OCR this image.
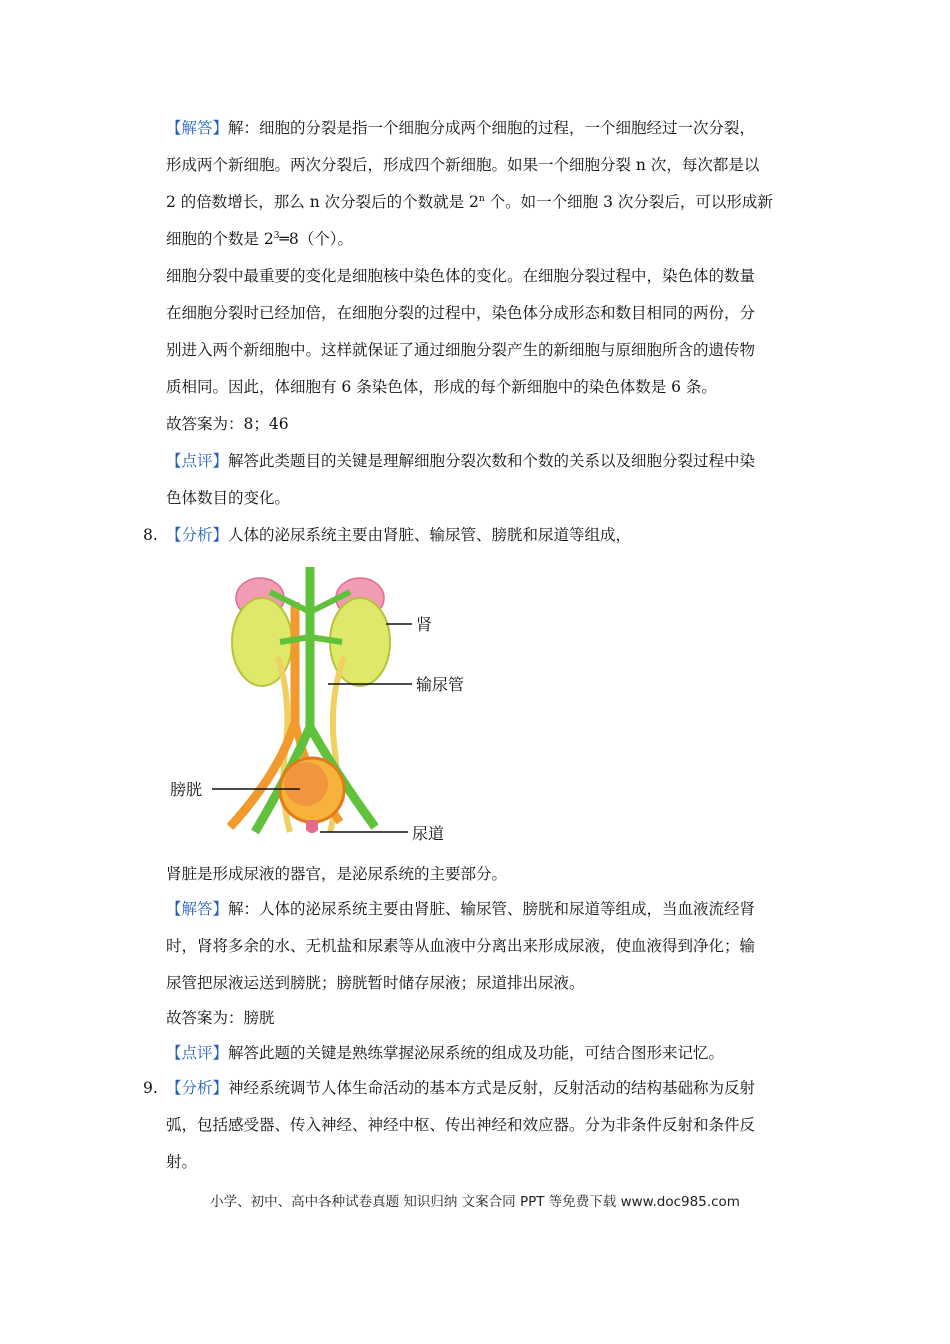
【解答】解：细胞的分裂是指一个细胞分成两个细胞的过程，一个细胞经过一次分裂，

形成两个新细胞。两次分裂后，形成四个新细胞。如果一个细胞分裂 n 次，每次都是以

2 的倍数增长，那么 n 次分裂后的个数就是 2$^n$ 个。如一个细胞 3 次分裂后，可以形成新

细胞的个数是 $2^3═8$（个）。

细胞分裂中最重要的变化是细胞核中染色体的变化。在细胞分裂过程中，染色体的数量

在细胞分裂时已经加倍，在细胞分裂的过程中，染色体分成形态和数目相同的两份，分

别进入两个新细胞中。这样就保证了通过细胞分裂产生的新细胞与原细胞所含的遗传物

质相同。因此，体细胞有 6 条染色体，形成的每个新细胞中的染色体数是 6 条。

故答案为：8；46

【点评】解答此类题目的关键是理解细胞分裂次数和个数的关系以及细胞分裂过程中染

色体数目的变化。

8. 【分析】人体的泌尿系统主要由肾脏、输尿管、膀胱和尿道等组成，

肾
输尿管
膀胱
尿道

肾脏是形成尿液的器官，是泌尿系统的主要部分。

【解答】解：人体的泌尿系统主要由肾脏、输尿管、膀胱和尿道等组成，当血液流经肾

时，肾将多余的水、无机盐和尿素等从血液中分离出来形成尿液，使血液得到净化；输

尿管把尿液运送到膀胱；膀胱暂时储存尿液；尿道排出尿液。

故答案为：膀胱

【点评】解答此题的关键是熟练掌握泌尿系统的组成及功能，可结合图形来记忆。

9. 【分析】神经系统调节人体生命活动的基本方式是反射，反射活动的结构基础称为反射

弧，包括感受器、传入神经、神经中枢、传出神经和效应器。分为非条件反射和条件反

射。

小学、初中、高中各种试卷真题 知识归纳 文案合同 PPT 等免费下载 www.doc985.com
